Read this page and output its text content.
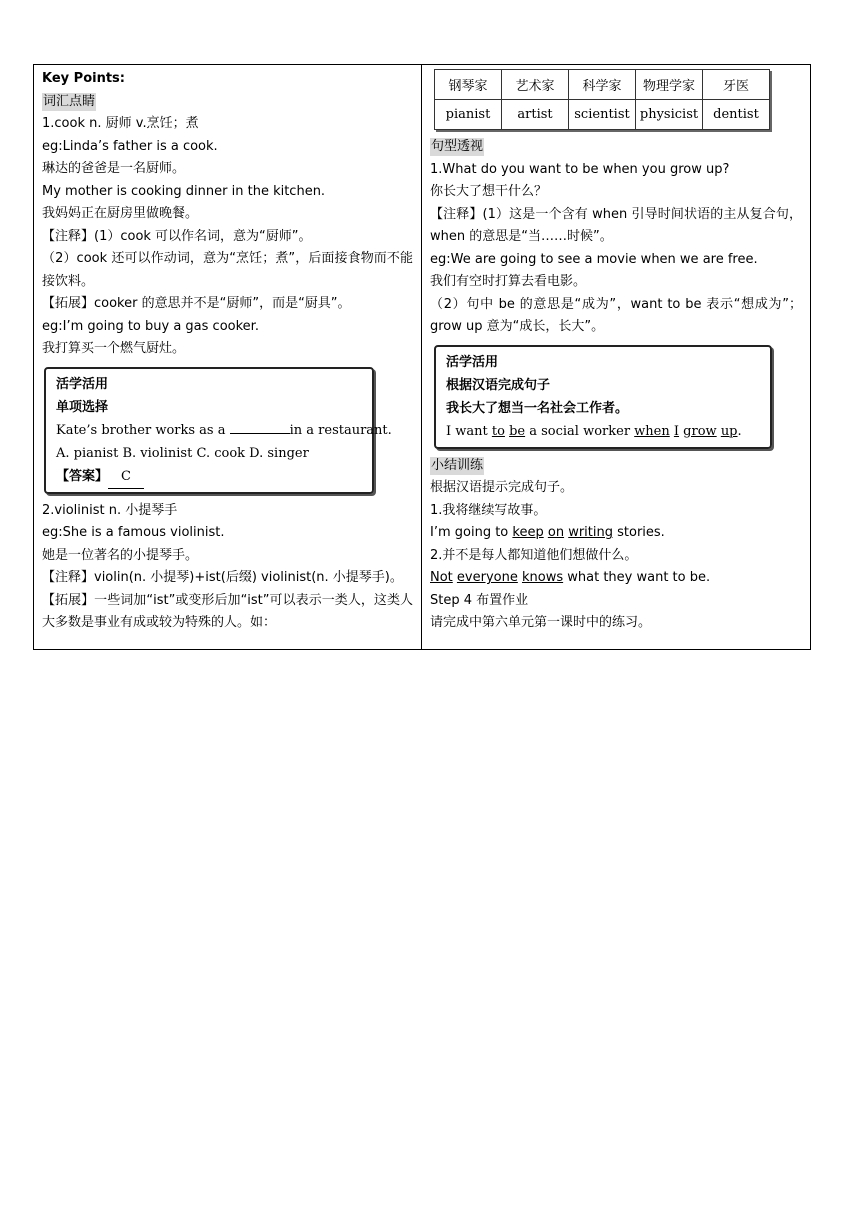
Key Points:
词汇点睛
1.cook n. 厨师 v.烹饪；煮
eg:Linda’s father is a cook.
琳达的爸爸是一名厨师。
My mother is cooking dinner in the kitchen.
我妈妈正在厨房里做晚餐。
【注释】(1）cook 可以作名词，意为“厨师”。
（2）cook 还可以作动词，意为“烹饪；煮”，后面接食物而不能接饮料。
【拓展】cooker 的意思并不是“厨师”，而是“厨具”。
eg:I’m going to buy a gas cooker.
我打算买一个燃气厨灶。
活学活用
单项选择
Kate’s brother works as a	in a restaurant.
A. pianist B. violinist C. cook D. singer
【答案】 C
2.violinist n. 小提琴手
eg:She is a famous violinist.
她是一位著名的小提琴手。
【注释】violin(n. 小提琴)+ist(后缀) violinist(n. 小提琴手)。
【拓展】一些词加“ist”或变形后加“ist”可以表示一类人，这类人大多数是事业有成或较为特殊的人。如：
钢琴家	艺术家	科学家	物理学家	牙医
pianist	artist	scientist	physicist	dentist
句型透视
1.What do you want to be when you grow up?
你长大了想干什么？
【注释】(1）这是一个含有 when 引导时间状语的主从复合句，when 的意思是“当……时候”。
eg:We are going to see a movie when we are free.
我们有空时打算去看电影。
（2）句中 be 的意思是“成为”，want to be 表示“想成为”；grow up 意为“成长，长大”。
活学活用
根据汉语完成句子
我长大了想当一名社会工作者。
I want to be a social worker when I grow up.
小结训练
根据汉语提示完成句子。
1.我将继续写故事。
I’m going to keep on writing stories.
2.并不是每人都知道他们想做什么。
Not everyone knows what they want to be.
Step 4 布置作业
请完成中第六单元第一课时中的练习。
